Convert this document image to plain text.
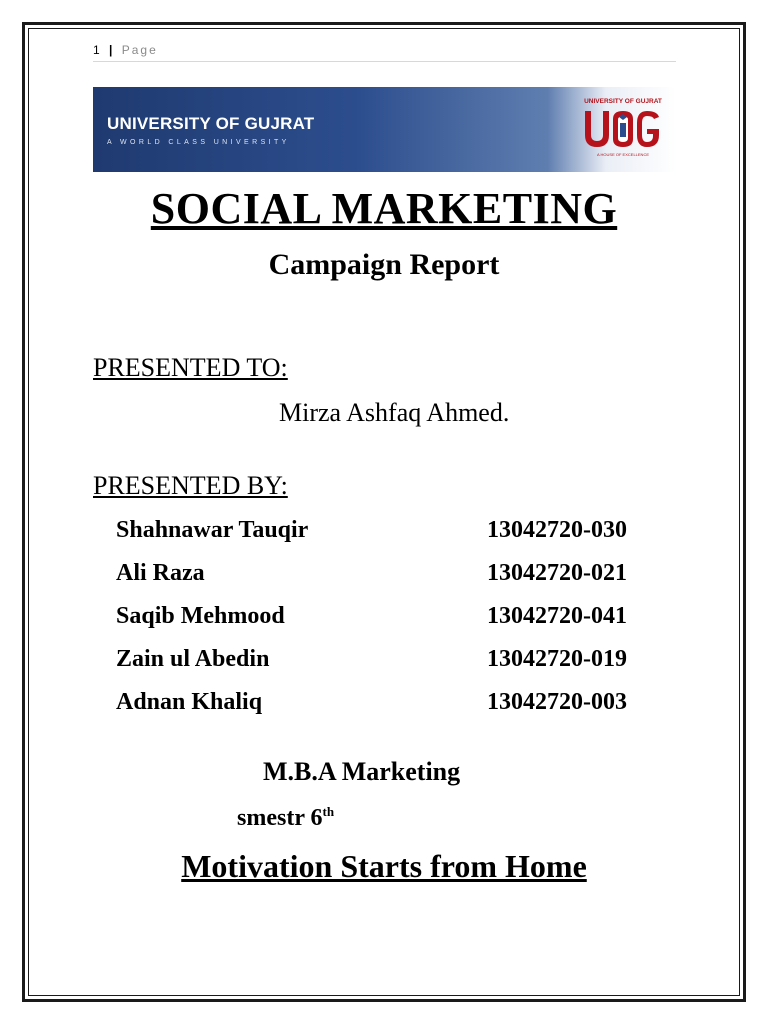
1 | Page
UNIVERSITY OF GUJRAT
A WORLD CLASS UNIVERSITY
UNIVERSITY OF GUJRAT
A HOUSE OF EXCELLENCE
SOCIAL MARKETING
Campaign Report
PRESENTED TO:
Mirza Ashfaq Ahmed.
PRESENTED BY:
Shahnawar Tauqir	13042720-030
Ali Raza	13042720-021
Saqib Mehmood	13042720-041
Zain ul Abedin	13042720-019
Adnan Khaliq	13042720-003
M.B.A Marketing
smestr 6th
Motivation Starts from Home
